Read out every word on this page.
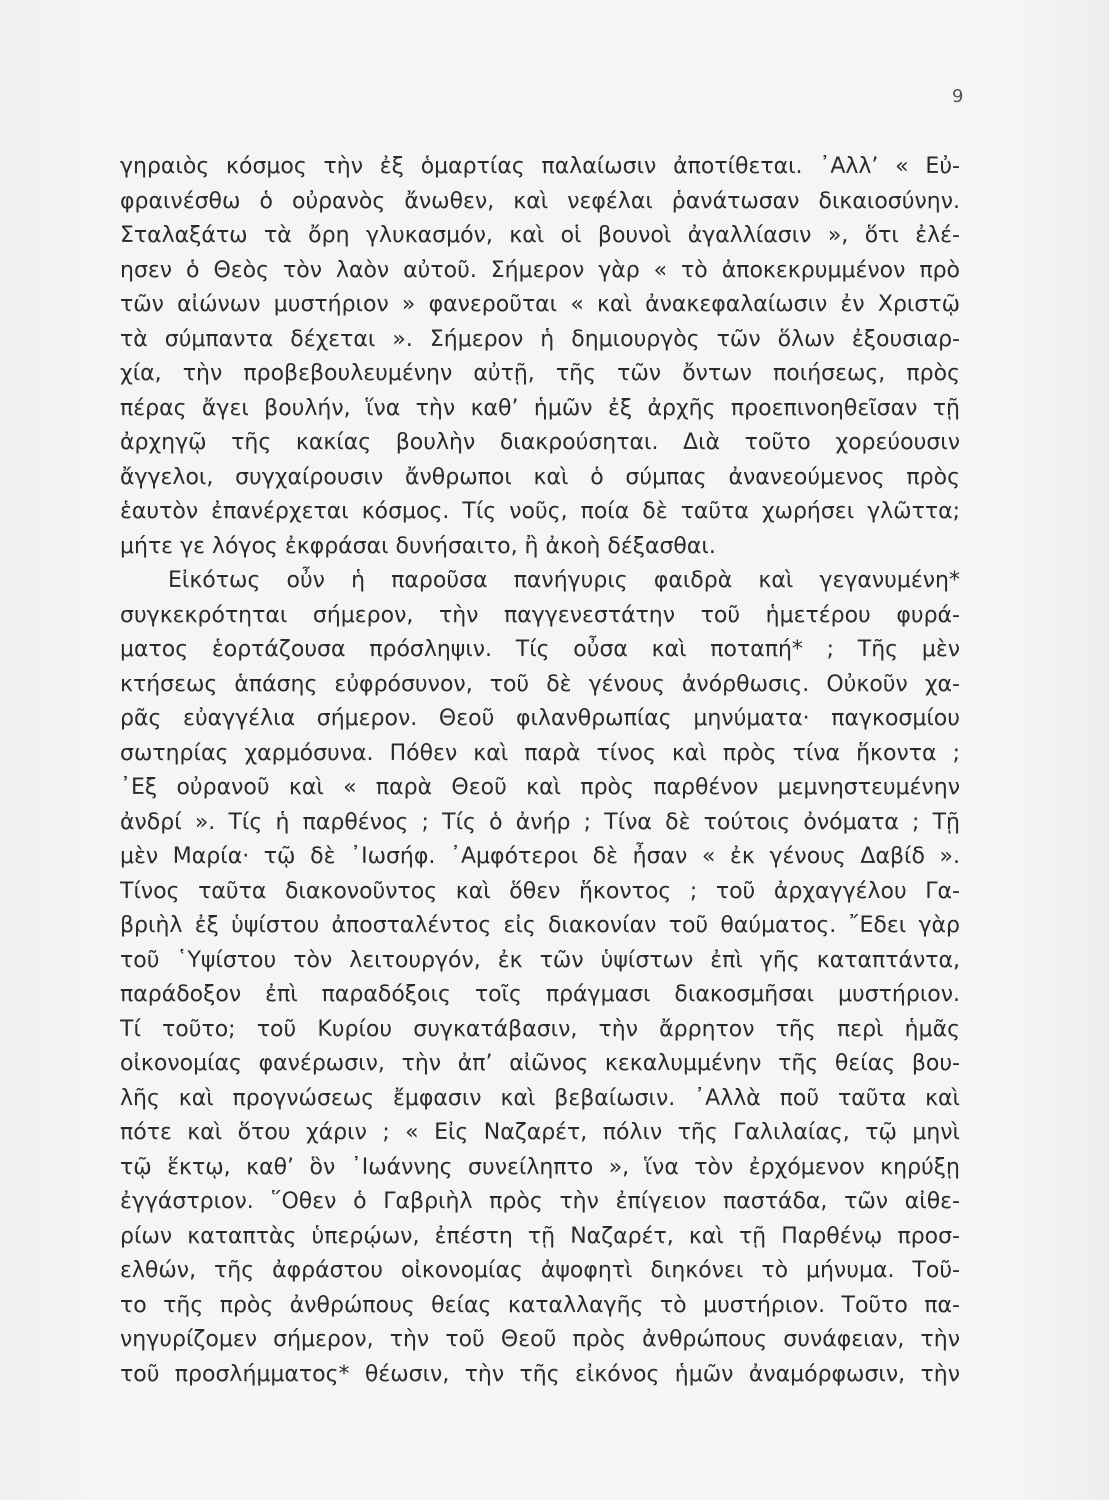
9
γηραιὸς κόσμος τὴν ἐξ ὁμαρτίας παλαίωσιν ἀποτίθεται. ᾿Αλλ’ « Εὐ-
φραινέσθω ὁ οὐρανὸς ἄνωθεν, καὶ νεφέλαι ῥανάτωσαν δικαιοσύνην.
Σταλαξάτω τὰ ὄρη γλυκασμόν, καὶ οἱ βουνοὶ ἀγαλλίασιν », ὅτι ἐλέ-
ησεν ὁ Θεὸς τὸν λαὸν αὐτοῦ. Σήμερον γὰρ « τὸ ἀποκεκρυμμένον πρὸ
τῶν αἰώνων μυστήριον » φανεροῦται « καὶ ἀνακεφαλαίωσιν ἐν Χριστῷ
τὰ σύμπαντα δέχεται ». Σήμερον ἡ δημιουργὸς τῶν ὅλων ἐξουσιαρ-
χία, τὴν προβεβουλευμένην αὐτῇ, τῆς τῶν ὄντων ποιήσεως, πρὸς
πέρας ἄγει βουλήν, ἵνα τὴν καθ’ ἡμῶν ἐξ ἀρχῆς προεπινοηθεῖσαν τῇ
ἀρχηγῷ τῆς κακίας βουλὴν διακρούσηται. Διὰ τοῦτο χορεύουσιν
ἄγγελοι, συγχαίρουσιν ἄνθρωποι καὶ ὁ σύμπας ἀνανεούμενος πρὸς
ἑαυτὸν ἐπανέρχεται κόσμος. Τίς νοῦς, ποία δὲ ταῦτα χωρήσει γλῶττα;
μήτε γε λόγος ἐκφράσαι δυνήσαιτο, ἢ ἀκοὴ δέξασθαι.
Εἰκότως οὖν ἡ παροῦσα πανήγυρις φαιδρὰ καὶ γεγανυμένη*
συγκεκρότηται σήμερον, τὴν παγγενεστάτην τοῦ ἡμετέρου φυρά-
ματος ἑορτάζουσα πρόσληψιν. Τίς οὖσα καὶ ποταπή* ; Τῆς μὲν
κτήσεως ἁπάσης εὐφρόσυνον, τοῦ δὲ γένους ἀνόρθωσις. Οὐκοῦν χα-
ρᾶς εὐαγγέλια σήμερον. Θεοῦ φιλανθρωπίας μηνύματα· παγκοσμίου
σωτηρίας χαρμόσυνα. Πόθεν καὶ παρὰ τίνος καὶ πρὸς τίνα ἥκοντα ;
᾿Εξ οὐρανοῦ καὶ « παρὰ Θεοῦ καὶ πρὸς παρθένον μεμνηστευμένην
ἀνδρί ». Τίς ἡ παρθένος ; Τίς ὁ ἀνήρ ; Τίνα δὲ τούτοις ὀνόματα ; Τῇ
μὲν Μαρία· τῷ δὲ ᾿Ιωσήφ. ᾿Αμφότεροι δὲ ἦσαν « ἐκ γένους Δαβίδ ».
Τίνος ταῦτα διακονοῦντος καὶ ὅθεν ἥκοντος ; τοῦ ἀρχαγγέλου Γα-
βριὴλ ἐξ ὑψίστου ἀποσταλέντος εἰς διακονίαν τοῦ θαύματος. ῎Εδει γὰρ
τοῦ ῾Υψίστου τὸν λειτουργόν, ἐκ τῶν ὑψίστων ἐπὶ γῆς καταπτάντα,
παράδοξον ἐπὶ παραδόξοις τοῖς πράγμασι διακοσμῆσαι μυστήριον.
Τί τοῦτο; τοῦ Κυρίου συγκατάβασιν, τὴν ἄρρητον τῆς περὶ ἡμᾶς
οἰκονομίας φανέρωσιν, τὴν ἀπ’ αἰῶνος κεκαλυμμένην τῆς θείας βου-
λῆς καὶ προγνώσεως ἔμφασιν καὶ βεβαίωσιν. ᾿Αλλὰ ποῦ ταῦτα καὶ
πότε καὶ ὅτου χάριν ; « Εἰς Ναζαρέτ, πόλιν τῆς Γαλιλαίας, τῷ μηνὶ
τῷ ἕκτῳ, καθ’ ὃν ᾿Ιωάννης συνείληπτο », ἵνα τὸν ἐρχόμενον κηρύξῃ
ἐγγάστριον. ῞Οθεν ὁ Γαβριὴλ πρὸς τὴν ἐπίγειον παστάδα, τῶν αἰθε-
ρίων καταπτὰς ὑπερῴων, ἐπέστη τῇ Ναζαρέτ, καὶ τῇ Παρθένῳ προσ-
ελθών, τῆς ἀφράστου οἰκονομίας ἀψοφητὶ διηκόνει τὸ μήνυμα. Τοῦ-
το τῆς πρὸς ἀνθρώπους θείας καταλλαγῆς τὸ μυστήριον. Τοῦτο πα-
νηγυρίζομεν σήμερον, τὴν τοῦ Θεοῦ πρὸς ἀνθρώπους συνάφειαν, τὴν
τοῦ προσλήμματος* θέωσιν, τὴν τῆς εἰκόνος ἡμῶν ἀναμόρφωσιν, τὴν
